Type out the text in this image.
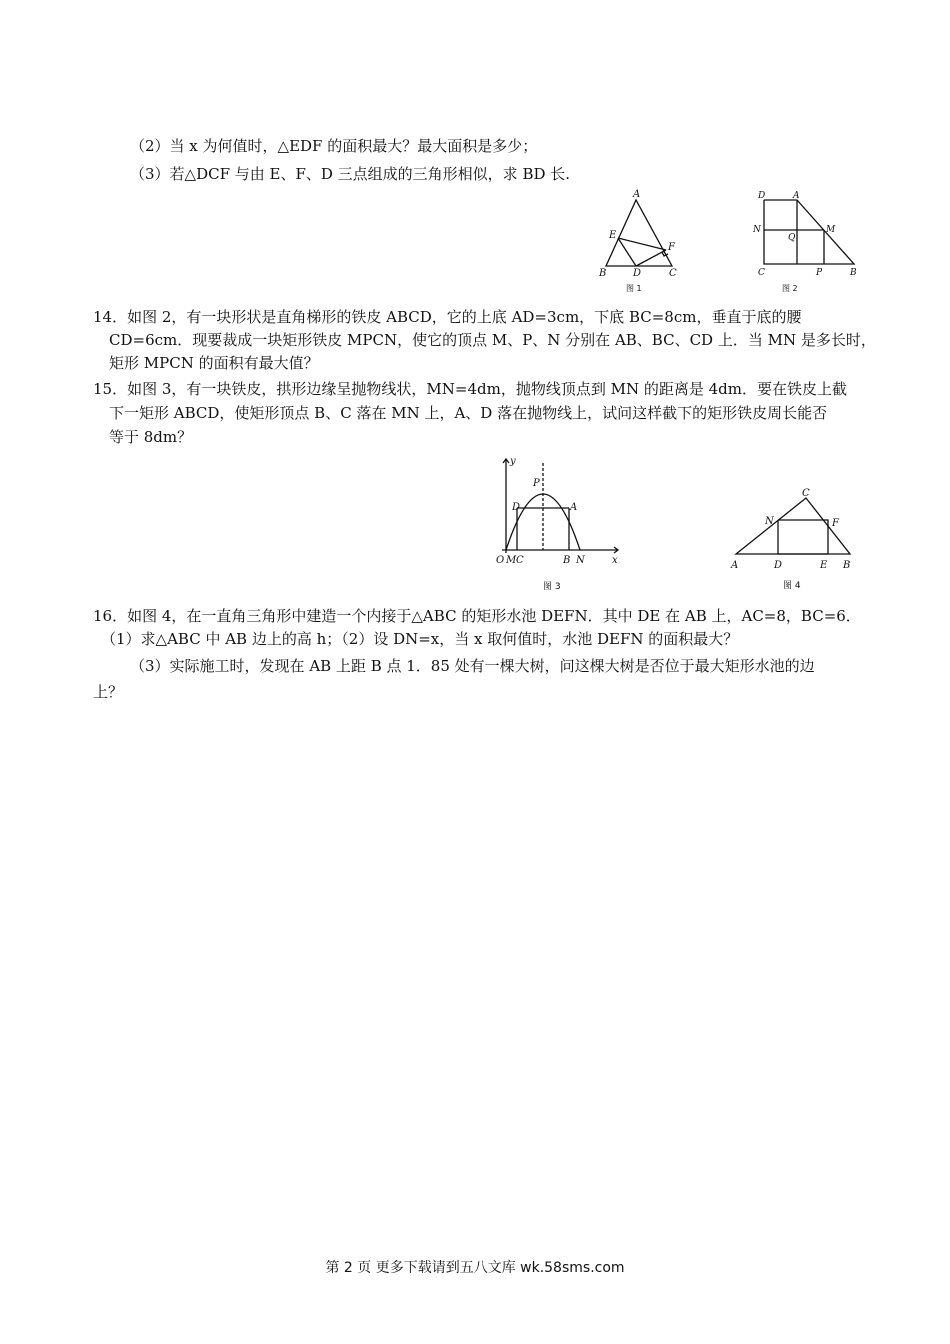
（2）当 x 为何值时，△EDF 的面积最大？最大面积是多少；
（3）若△DCF 与由 E、F、D 三点组成的三角形相似，求 BD 长.
A
E
F
B	D	C
图 1
D	A
N
Q
M
C	P	B
图 2
14．如图 2，有一块形状是直角梯形的铁皮 ABCD，它的上底 AD=3cm，下底 BC=8cm，垂直于底的腰
CD=6cm．现要裁成一块矩形铁皮 MPCN，使它的顶点 M、P、N 分别在 AB、BC、CD 上．当 MN 是多长时，
矩形 MPCN 的面积有最大值？
15．如图 3，有一块铁皮，拱形边缘呈抛物线状，MN=4dm，抛物线顶点到 MN 的距离是 4dm．要在铁皮上截
下一矩形 ABCD，使矩形顶点 B、C 落在 MN 上，A、D 落在抛物线上，试问这样截下的矩形铁皮周长能否
等于 8dm？
y
P
D	A
O M C	B N	x
图 3
C
N	F
A	D	E B
图 4
16．如图 4，在一直角三角形中建造一个内接于△ABC 的矩形水池 DEFN．其中 DE 在 AB 上，AC=8，BC=6．
（1）求△ABC 中 AB 边上的高 h；（2）设 DN=x，当 x 取何值时，水池 DEFN 的面积最大？
（3）实际施工时，发现在 AB 上距 B 点 1．85 处有一棵大树，问这棵大树是否位于最大矩形水池的边
上？
第 2 页 更多下载请到五八文库 wk.58sms.com
